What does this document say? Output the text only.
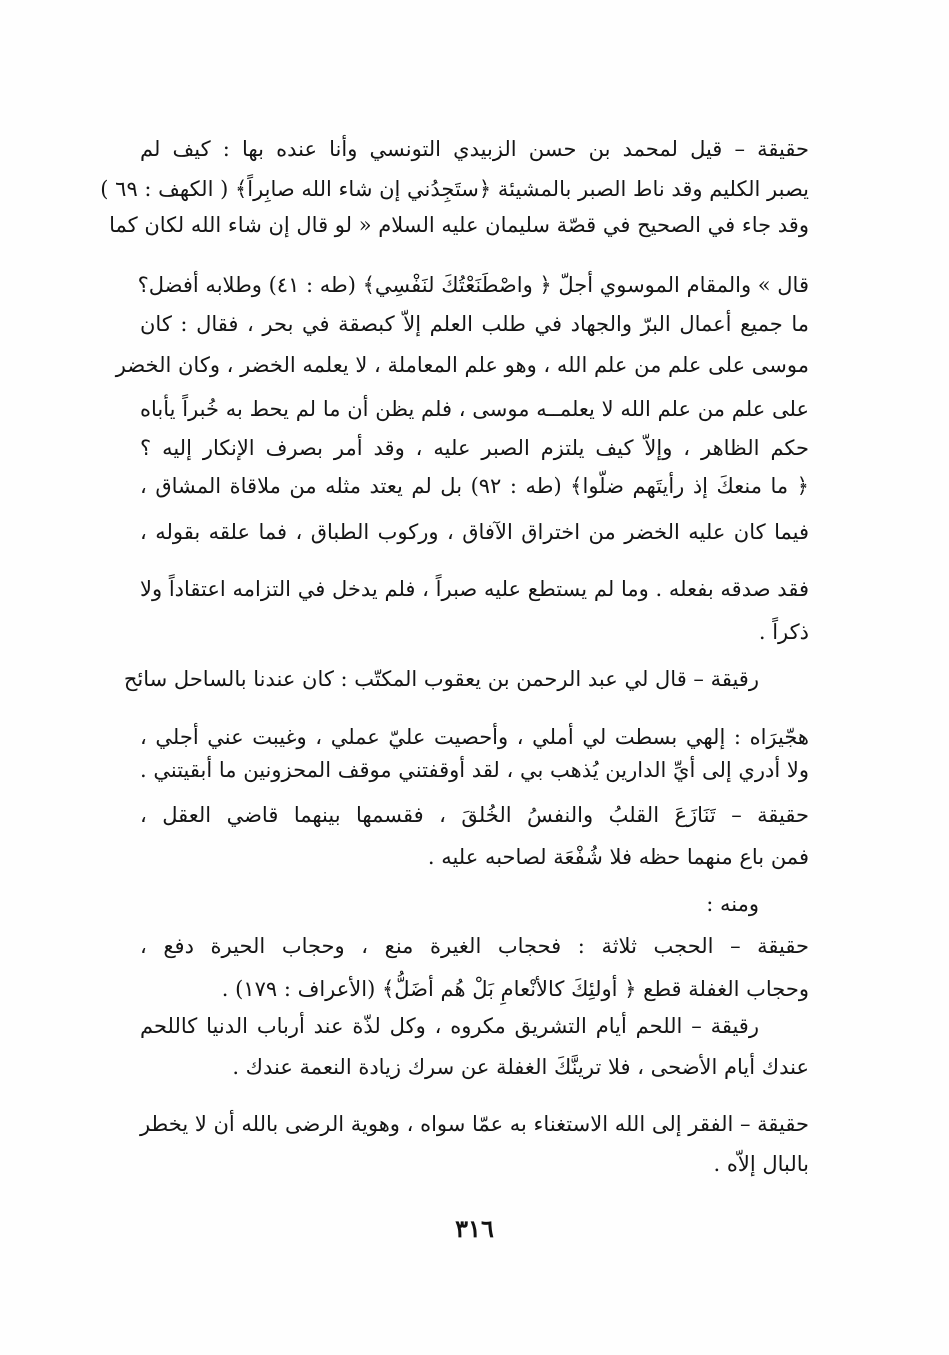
حقيقة – قيل لمحمد بن حسن الزبيدي التونسي وأنا عنده بها : كيف لم
يصبر الكليم وقد ناط الصبر بالمشيئة ﴿ستَجِدُني إن شاء الله صابِراً﴾ ( الكهف : ٦٩ )
وقد جاء في الصحيح في قصّة سليمان عليه السلام « لو قال إن شاء الله لكان كما
قال » والمقام الموسوي أجلّ ﴿ واصْطَنَعْتُكَ لنَفْسِي﴾ (طه : ٤١) وطلابه أفضل؟
ما جميع أعمال البرّ والجهاد في طلب العلم إلاّ كبصقة في بحر ، فقال : كان
موسى على علم من علم الله ، وهو علم المعاملة ، لا يعلمه الخضر ، وكان الخضر
على علم من علم الله لا يعلمــه موسى ، فلم يظن أن ما لم يحط به خُبراً يأباه
حكم الظاهر ، وإلاّ كيف يلتزم الصبر عليه ، وقد أمر بصرف الإنكار إليه ؟
﴿ ما منعكَ إذ رأيتَهم ضلّوا﴾ (طه : ٩٢) بل لم يعتد مثله من ملاقاة المشاق ،
فيما كان عليه الخضر من اختراق الآفاق ، وركوب الطباق ، فما علقه بقوله ،
فقد صدقه بفعله . وما لم يستطع عليه صبراً ، فلم يدخل في التزامه اعتقاداً ولا
ذكراً .
رقيقة – قال لي عبد الرحمن بن يعقوب المكتّب : كان عندنا بالساحل سائح
هجّيرَاه : إلهي بسطت لي أملي ، وأحصيت عليّ عملي ، وغيبت عني أجلي ،
ولا أدري إلى أيِّ الدارين يُذهب بي ، لقد أوقفتني موقف المحزونين ما أبقيتني .
حقيقة – تَنَازَعَ القلبُ والنفسُ الخُلقَ ، فقسمها بينهما قاضي العقل ،
فمن باع منهما حظه فلا شُفْعَة لصاحبه عليه .
ومنه :
حقيقة – الحجب ثلاثة : فحجاب الغيرة منع ، وحجاب الحيرة دفع ،
وحجاب الغفلة قطع ﴿ أولئِكَ كالأنْعامِ بَلْ هُم أضَلُّ﴾ (الأعراف : ١٧٩) .
رقيقة – اللحم أيام التشريق مكروه ، وكل لذّة عند أرباب الدنيا كاللحم
عندك أيام الأضحى ، فلا ترينَّكَ الغفلة عن سرك زيادة النعمة عندك .
حقيقة – الفقر إلى الله الاستغناء به عمّا سواه ، وهوية الرضى بالله أن لا يخطر
بالبال إلاّه .
٣١٦
